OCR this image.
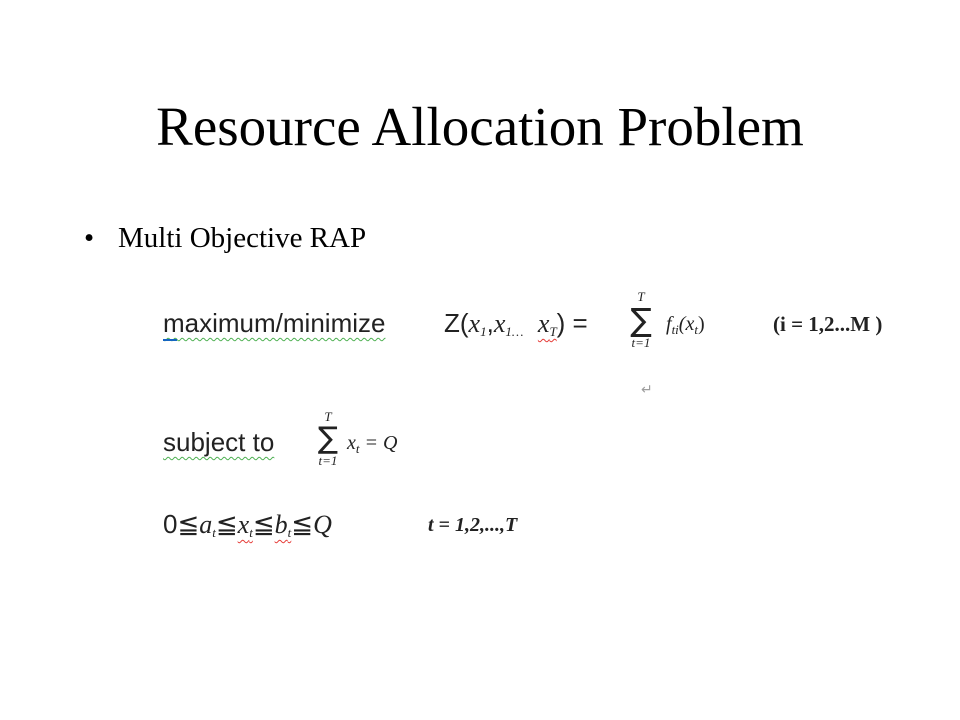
Resource Allocation Problem
• Multi Objective RAP
maximum/minimize $Z(x_1,x_{1\dots}$ $x_T$) =
T
∑
t=1
$f_{ti}(x_t)$	(i = 1,2...M )
↵
subject to
T
∑
t=1
$x_t = Q$
$0≦a_t≦x_t≦b_t≦Q$	t = 1,2,...,T
